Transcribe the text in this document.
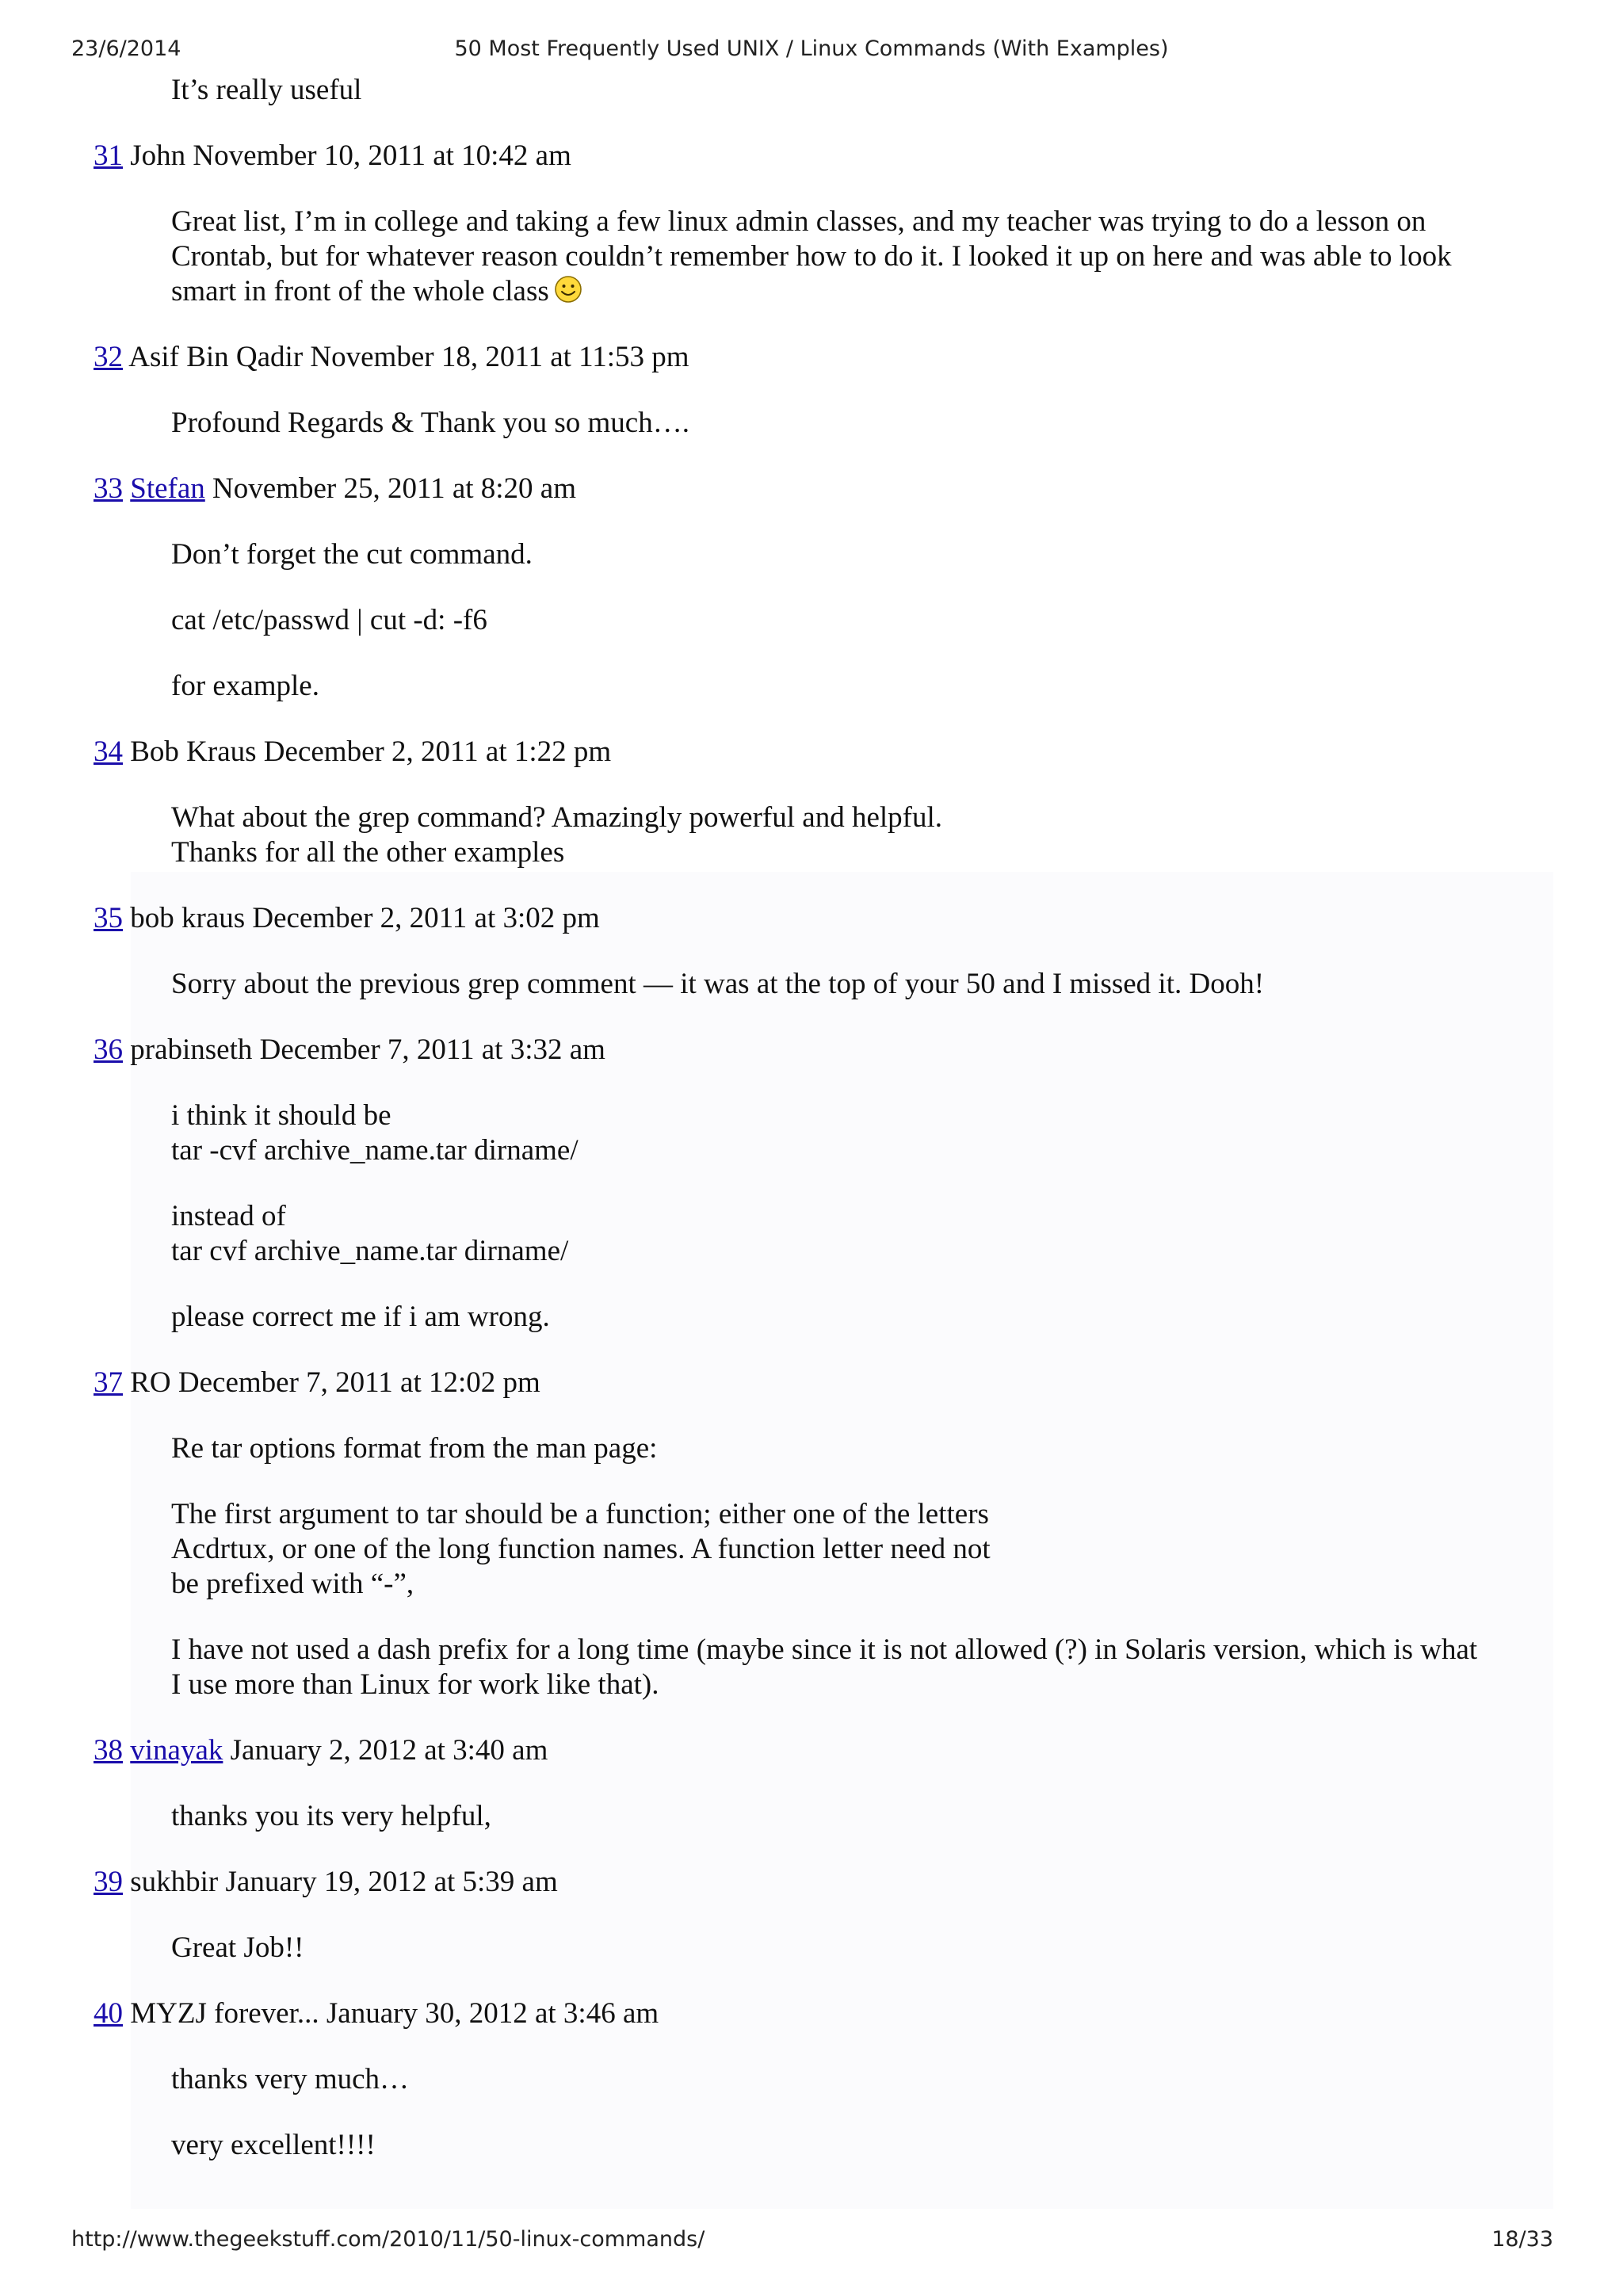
23/6/2014	50 Most Frequently Used UNIX / Linux Commands (With Examples)

It’s really useful

31 John November 10, 2011 at 10:42 am

Great list, I’m in college and taking a few linux admin classes, and my teacher was trying to do a lesson on
Crontab, but for whatever reason couldn’t remember how to do it. I looked it up on here and was able to look
smart in front of the whole class

32 Asif Bin Qadir November 18, 2011 at 11:53 pm

Profound Regards & Thank you so much….

33 Stefan November 25, 2011 at 8:20 am

Don’t forget the cut command.

cat /etc/passwd | cut -d: -f6

for example.

34 Bob Kraus December 2, 2011 at 1:22 pm

What about the grep command? Amazingly powerful and helpful.
Thanks for all the other examples

35 bob kraus December 2, 2011 at 3:02 pm

Sorry about the previous grep comment — it was at the top of your 50 and I missed it. Dooh!

36 prabinseth December 7, 2011 at 3:32 am

i think it should be
tar -cvf archive_name.tar dirname/

instead of
tar cvf archive_name.tar dirname/

please correct me if i am wrong.

37 RO December 7, 2011 at 12:02 pm

Re tar options format from the man page:

The first argument to tar should be a function; either one of the letters
Acdrtux, or one of the long function names. A function letter need not
be prefixed with “-”,

I have not used a dash prefix for a long time (maybe since it is not allowed (?) in Solaris version, which is what
I use more than Linux for work like that).

38 vinayak January 2, 2012 at 3:40 am

thanks you its very helpful,

39 sukhbir January 19, 2012 at 5:39 am

Great Job!!

40 MYZJ forever... January 30, 2012 at 3:46 am

thanks very much…

very excellent!!!!

http://www.thegeekstuff.com/2010/11/50-linux-commands/	18/33
